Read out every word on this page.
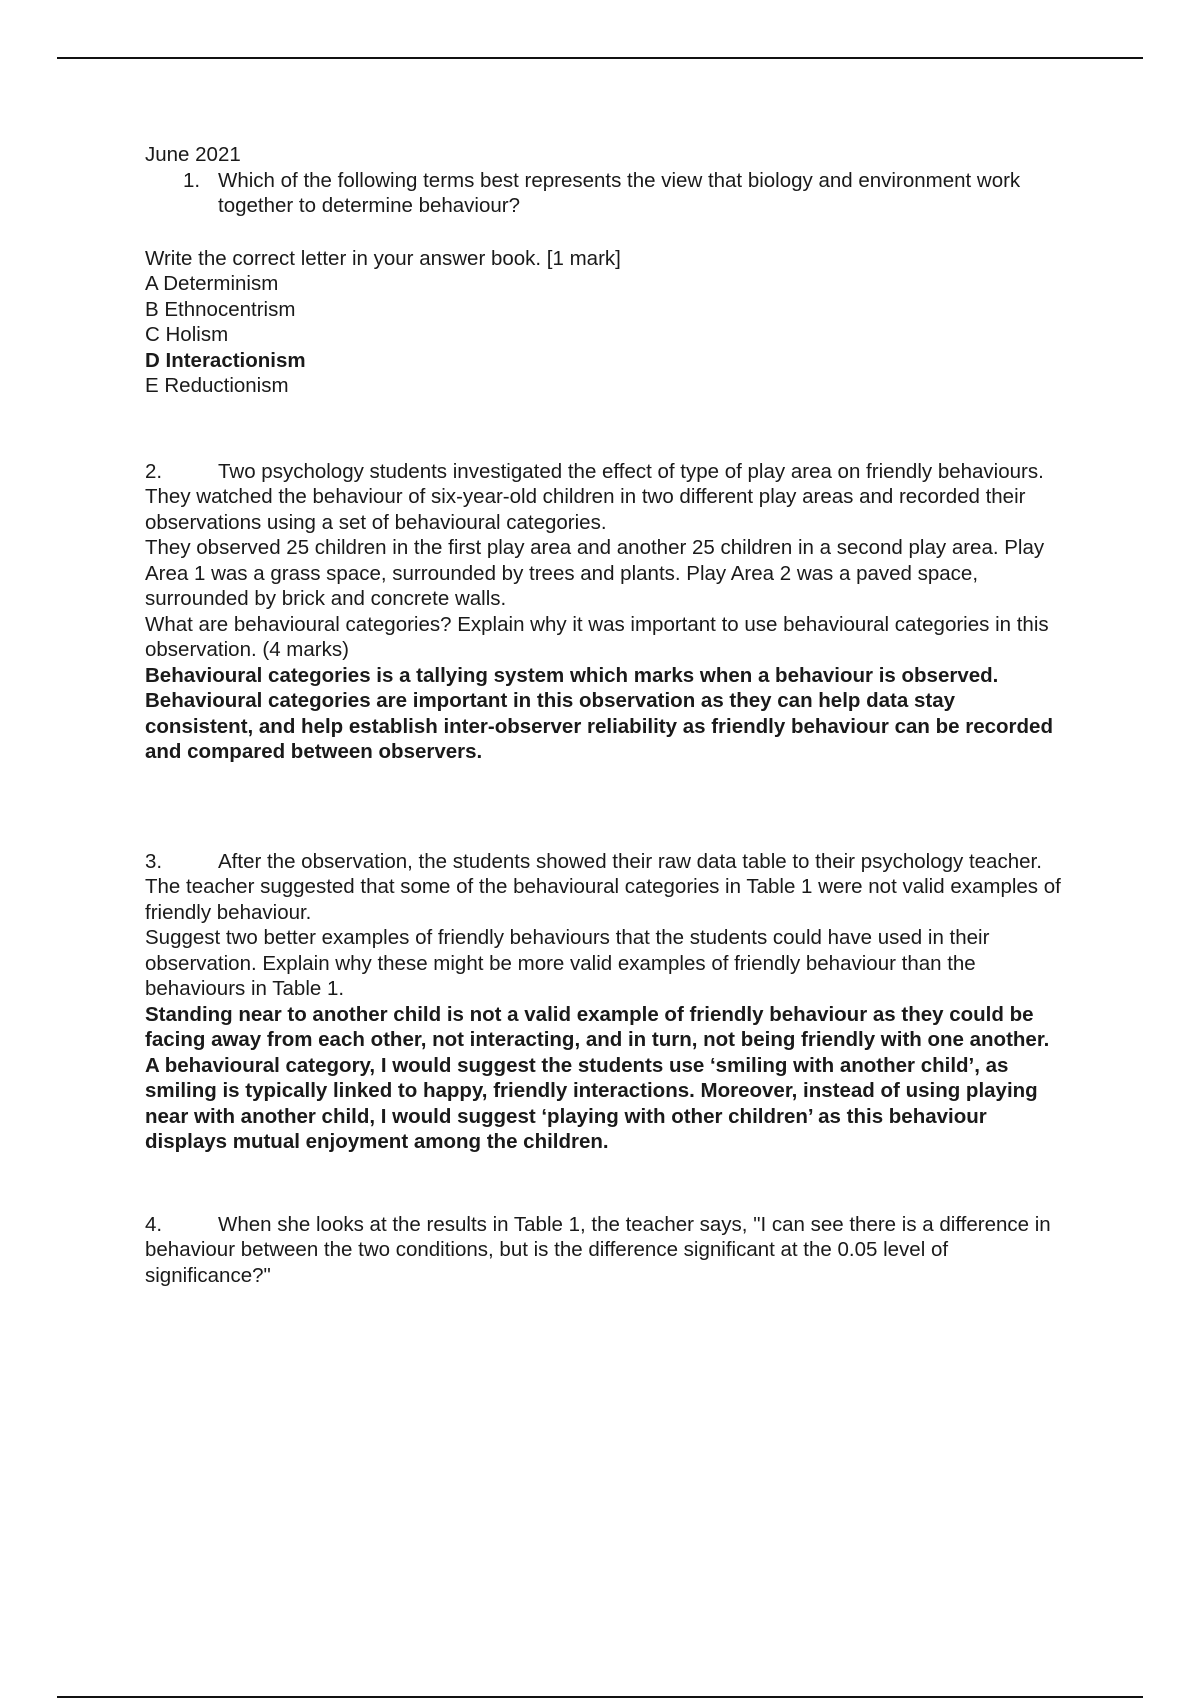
June 2021

1. Which of the following terms best represents the view that biology and environment work together to determine behaviour?

Write the correct letter in your answer book. [1 mark]

A Determinism
B Ethnocentrism
C Holism
D Interactionism
E Reductionism

2.	Two psychology students investigated the effect of type of play area on friendly behaviours. They watched the behaviour of six-year-old children in two different play areas and recorded their observations using a set of behavioural categories.

They observed 25 children in the first play area and another 25 children in a second play area. Play Area 1 was a grass space, surrounded by trees and plants. Play Area 2 was a paved space, surrounded by brick and concrete walls.

What are behavioural categories? Explain why it was important to use behavioural categories in this observation. (4 marks)

Behavioural categories is a tallying system which marks when a behaviour is observed. Behavioural categories are important in this observation as they can help data stay consistent, and help establish inter-observer reliability as friendly behaviour can be recorded and compared between observers.

3.	After the observation, the students showed their raw data table to their psychology teacher. The teacher suggested that some of the behavioural categories in Table 1 were not valid examples of friendly behaviour.

Suggest two better examples of friendly behaviours that the students could have used in their observation. Explain why these might be more valid examples of friendly behaviour than the behaviours in Table 1.

Standing near to another child is not a valid example of friendly behaviour as they could be facing away from each other, not interacting, and in turn, not being friendly with one another. A behavioural category, I would suggest the students use ‘smiling with another child’, as smiling is typically linked to happy, friendly interactions. Moreover, instead of using playing near with another child, I would suggest ‘playing with other children’ as this behaviour displays mutual enjoyment among the children.

4.	When she looks at the results in Table 1, the teacher says, "I can see there is a difference in behaviour between the two conditions, but is the difference significant at the 0.05 level of significance?"
